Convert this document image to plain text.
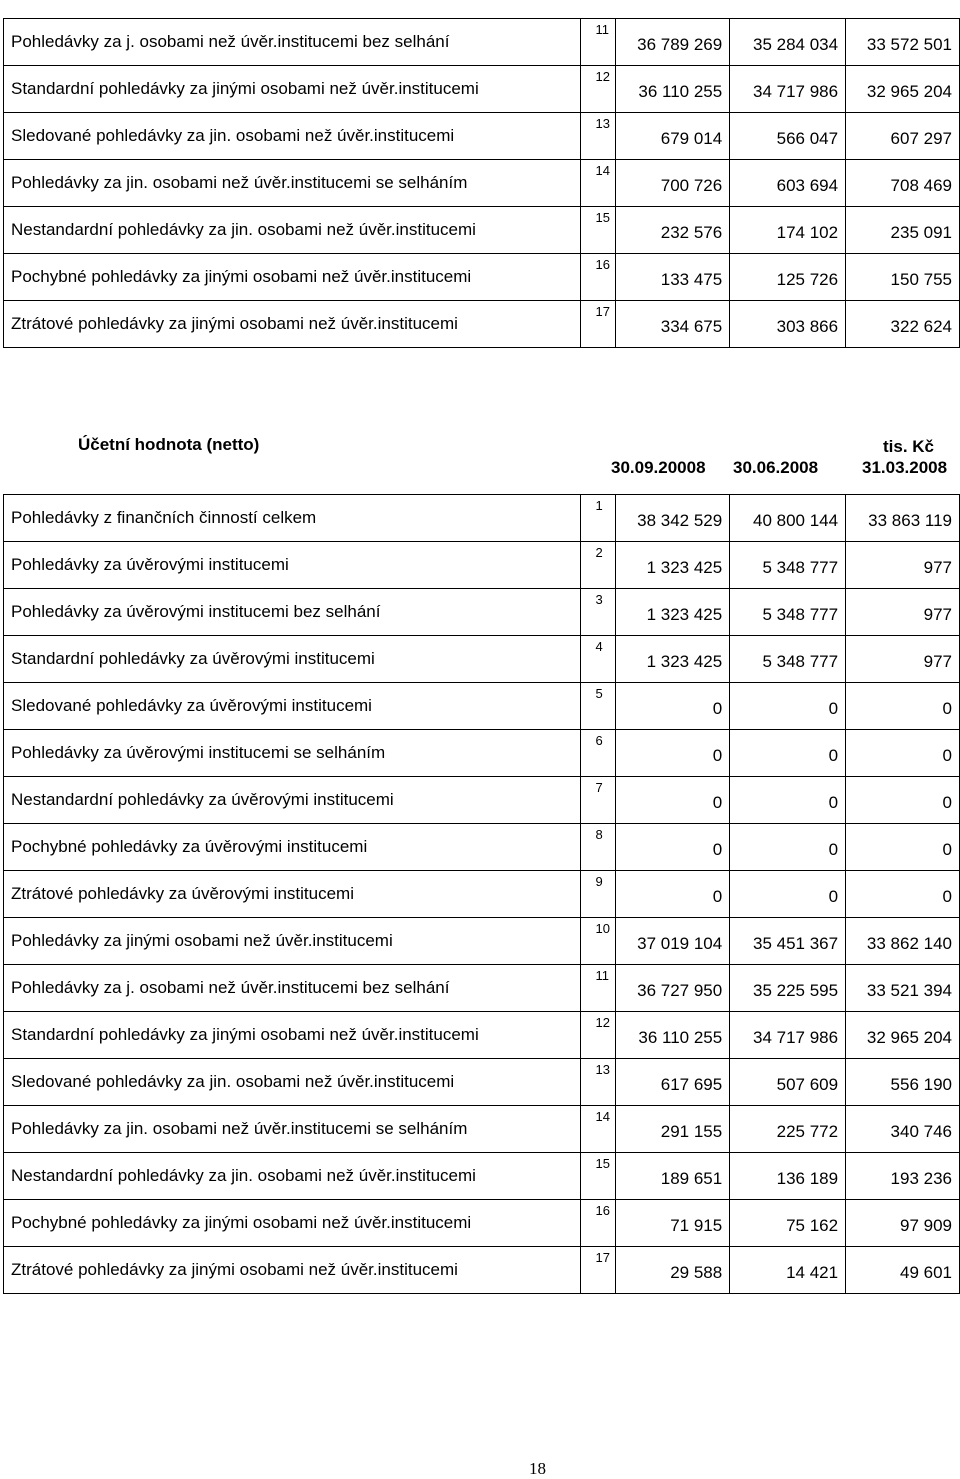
Pohledávky za j. osobami než úvěr.institucemi bez selhání	11	36 789 269	35 284 034	33 572 501
Standardní pohledávky za jinými osobami než úvěr.institucemi	12	36 110 255	34 717 986	32 965 204
Sledované pohledávky za jin. osobami než úvěr.institucemi	13	679 014	566 047	607 297
Pohledávky za jin. osobami než úvěr.institucemi se selháním	14	700 726	603 694	708 469
Nestandardní pohledávky za jin. osobami než úvěr.institucemi	15	232 576	174 102	235 091
Pochybné pohledávky za jinými osobami než úvěr.institucemi	16	133 475	125 726	150 755
Ztrátové pohledávky za jinými osobami než úvěr.institucemi	17	334 675	303 866	322 624
Účetní hodnota (netto)	tis. Kč
30.09.20008 30.06.2008	31.03.2008
Pohledávky z finančních činností celkem	1	38 342 529	40 800 144	33 863 119
Pohledávky za úvěrovými institucemi	2	1 323 425	5 348 777	977
Pohledávky za úvěrovými institucemi bez selhání	3	1 323 425	5 348 777	977
Standardní pohledávky za úvěrovými institucemi	4	1 323 425	5 348 777	977
Sledované pohledávky za úvěrovými institucemi	5	0	0	0
Pohledávky za úvěrovými institucemi se selháním	6	0	0	0
Nestandardní pohledávky za úvěrovými institucemi	7	0	0	0
Pochybné pohledávky za úvěrovými institucemi	8	0	0	0
Ztrátové pohledávky za úvěrovými institucemi	9	0	0	0
Pohledávky za jinými osobami než úvěr.institucemi	10	37 019 104	35 451 367	33 862 140
Pohledávky za j. osobami než úvěr.institucemi bez selhání	11	36 727 950	35 225 595	33 521 394
Standardní pohledávky za jinými osobami než úvěr.institucemi	12	36 110 255	34 717 986	32 965 204
Sledované pohledávky za jin. osobami než úvěr.institucemi	13	617 695	507 609	556 190
Pohledávky za jin. osobami než úvěr.institucemi se selháním	14	291 155	225 772	340 746
Nestandardní pohledávky za jin. osobami než úvěr.institucemi	15	189 651	136 189	193 236
Pochybné pohledávky za jinými osobami než úvěr.institucemi	16	71 915	75 162	97 909
Ztrátové pohledávky za jinými osobami než úvěr.institucemi	17	29 588	14 421	49 601
18
